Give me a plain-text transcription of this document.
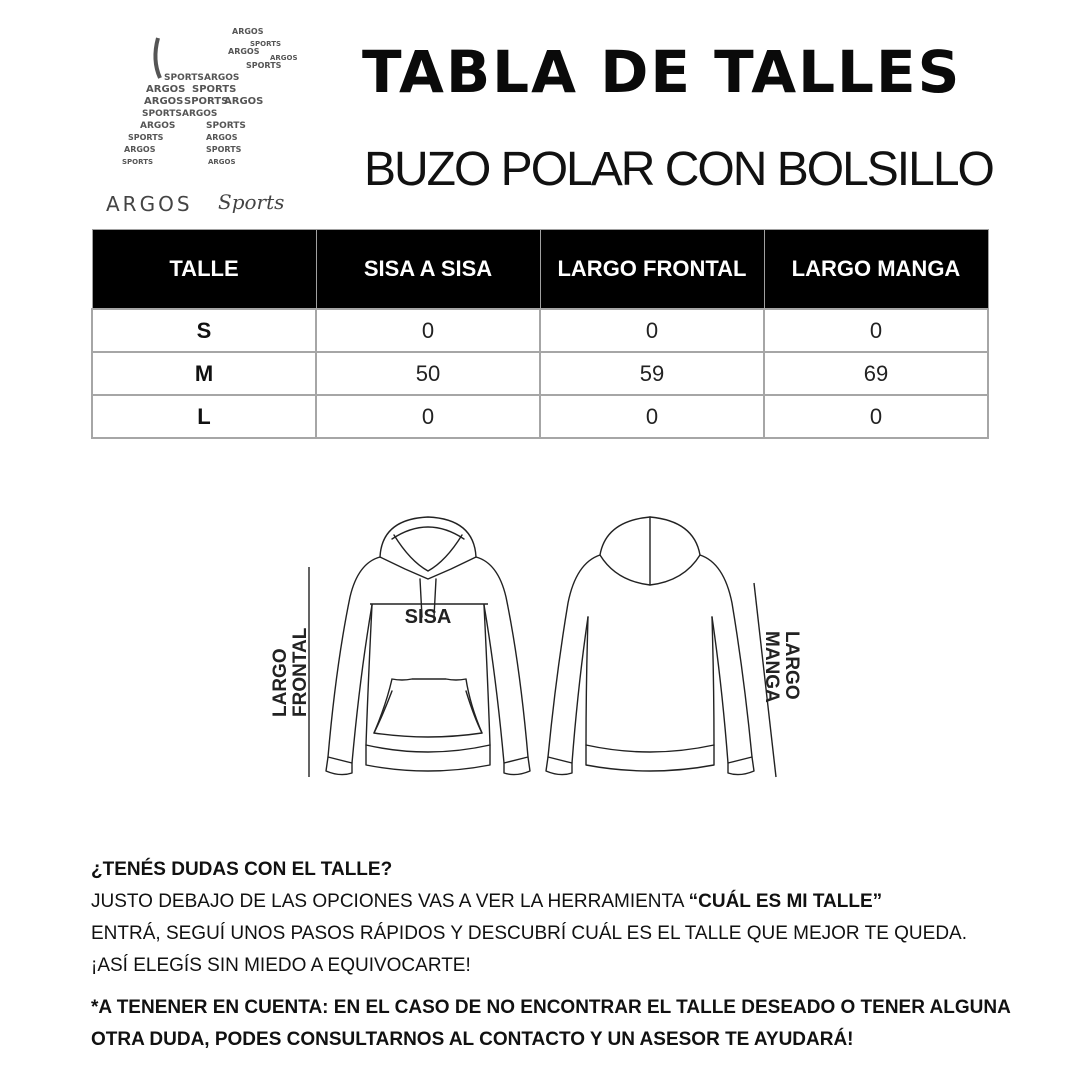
ARGOS
SPORTS
ARGOS
ARGOS
SPORTS
SPORTS ARGOS
ARGOS SPORTS
ARGOS SPORTS
ARGOS
SPORTS ARGOS
ARGOS	SPORTS
SPORTS	ARGOS
ARGOS	SPORTS
SPORTS	ARGOS
ARGOS Sports
TABLA DE TALLES
BUZO POLAR CON BOLSILLO
TALLE	SISA A SISA	LARGO FRONTAL	LARGO MANGA
S	0	0	0
M	50	59	69
L	0	0	0
SISA
LARGO FRONTAL	LARGO
MANGA

¿TENÉS DUDAS CON EL TALLE?

JUSTO DEBAJO DE LAS OPCIONES VAS A VER LA HERRAMIENTA “CUÁL ES MI TALLE”

ENTRÁ, SEGUÍ UNOS PASOS RÁPIDOS Y DESCUBRÍ CUÁL ES EL TALLE QUE MEJOR TE QUEDA.

¡ASÍ ELEGÍS SIN MIEDO A EQUIVOCARTE!

*A TENENER EN CUENTA: EN EL CASO DE NO ENCONTRAR EL TALLE DESEADO O TENER ALGUNA OTRA DUDA, PODES CONSULTARNOS AL CONTACTO Y UN ASESOR TE AYUDARÁ!
